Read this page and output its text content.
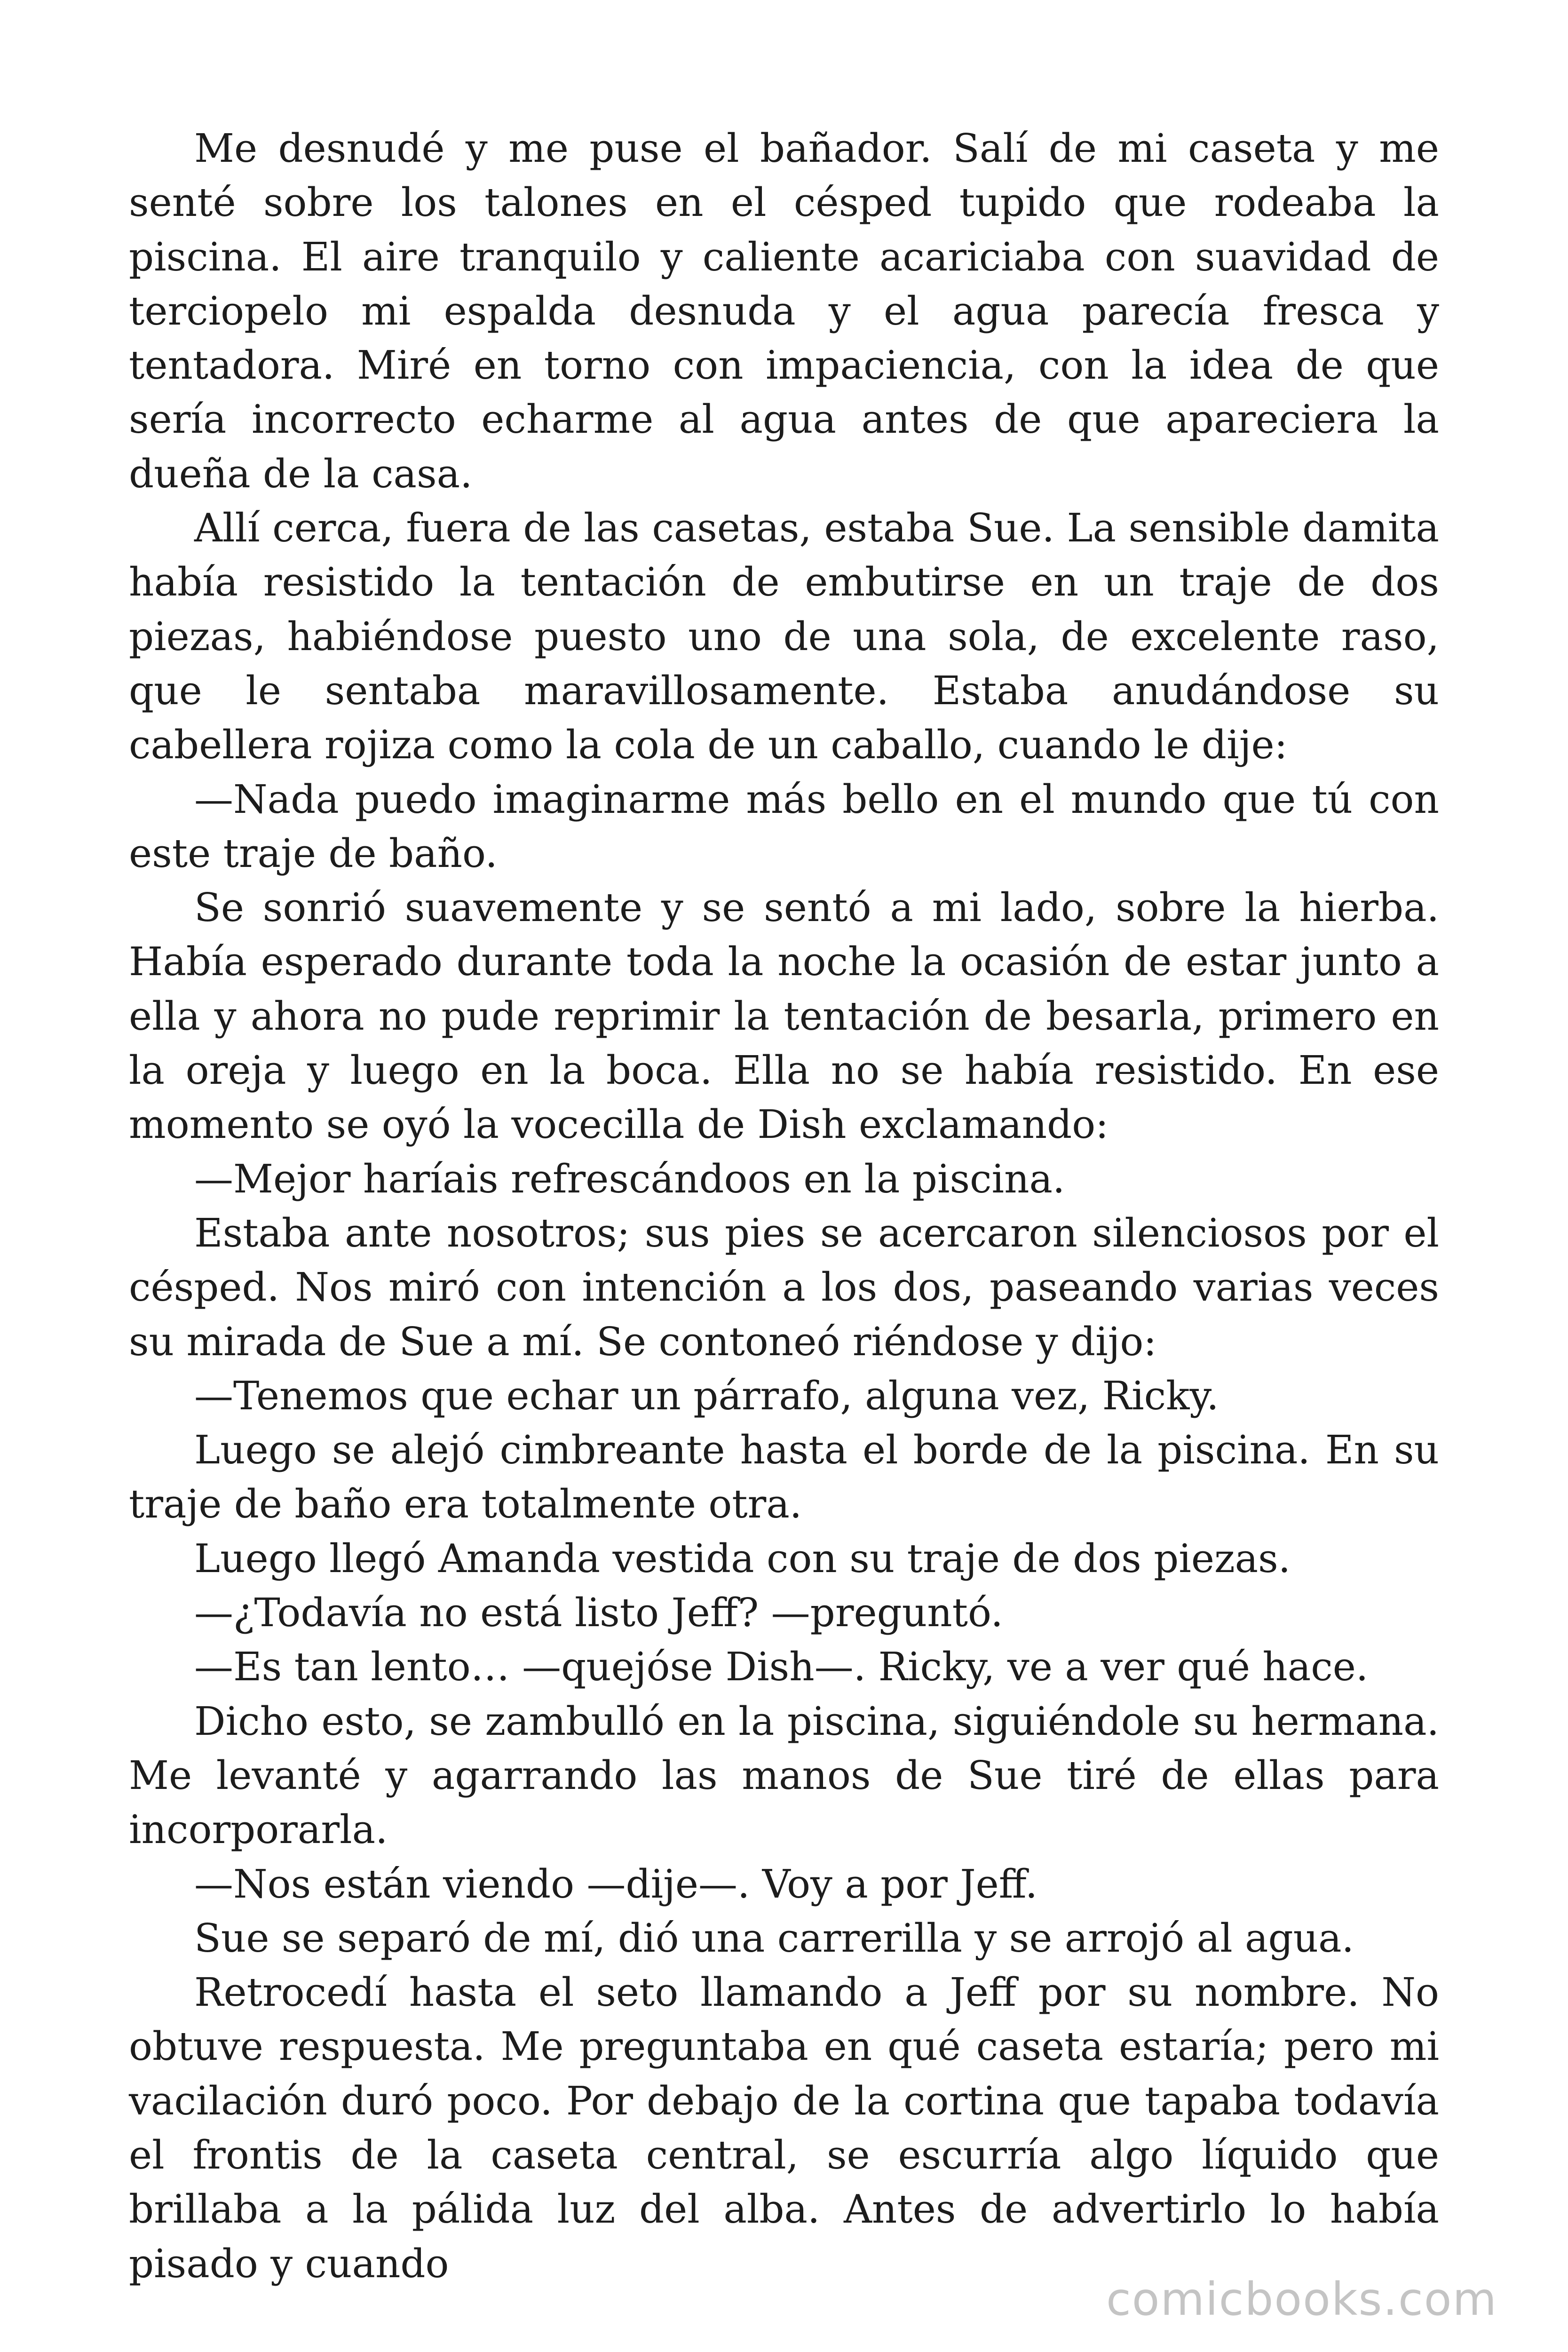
Me desnudé y me puse el bañador. Salí de mi caseta y me senté sobre los talones en el césped tupido que rodeaba la piscina. El aire tranquilo y caliente acariciaba con suavidad de terciopelo mi espalda desnuda y el agua parecía fresca y tentadora. Miré en torno con impaciencia, con la idea de que sería incorrecto echarme al agua antes de que apareciera la dueña de la casa.

Allí cerca, fuera de las casetas, estaba Sue. La sensible damita había resistido la tentación de embutirse en un traje de dos piezas, habiéndose puesto uno de una sola, de excelente raso, que le sentaba maravillosamente. Estaba anudándose su cabellera rojiza como la cola de un caballo, cuando le dije:

—Nada puedo imaginarme más bello en el mundo que tú con este traje de baño.

Se sonrió suavemente y se sentó a mi lado, sobre la hierba. Había esperado durante toda la noche la ocasión de estar junto a ella y ahora no pude reprimir la tentación de besarla, primero en la oreja y luego en la boca. Ella no se había resistido. En ese momento se oyó la vocecilla de Dish exclamando:

—Mejor haríais refrescándoos en la piscina.

Estaba ante nosotros; sus pies se acercaron silenciosos por el césped. Nos miró con intención a los dos, paseando varias veces su mirada de Sue a mí. Se contoneó riéndose y dijo:

—Tenemos que echar un párrafo, alguna vez, Ricky.

Luego se alejó cimbreante hasta el borde de la piscina. En su traje de baño era totalmente otra.

Luego llegó Amanda vestida con su traje de dos piezas.

—¿Todavía no está listo Jeff? —preguntó.

—Es tan lento… —quejóse Dish—. Ricky, ve a ver qué hace.

Dicho esto, se zambulló en la piscina, siguiéndole su hermana. Me levanté y agarrando las manos de Sue tiré de ellas para incorporarla.

—Nos están viendo —dije—. Voy a por Jeff.

Sue se separó de mí, dió una carrerilla y se arrojó al agua.

Retrocedí hasta el seto llamando a Jeff por su nombre. No obtuve respuesta. Me preguntaba en qué caseta estaría; pero mi vacilación duró poco. Por debajo de la cortina que tapaba todavía el frontis de la caseta central, se escurría algo líquido que brillaba a la pálida luz del alba. Antes de advertirlo lo había pisado y cuando

comicbooks.com
